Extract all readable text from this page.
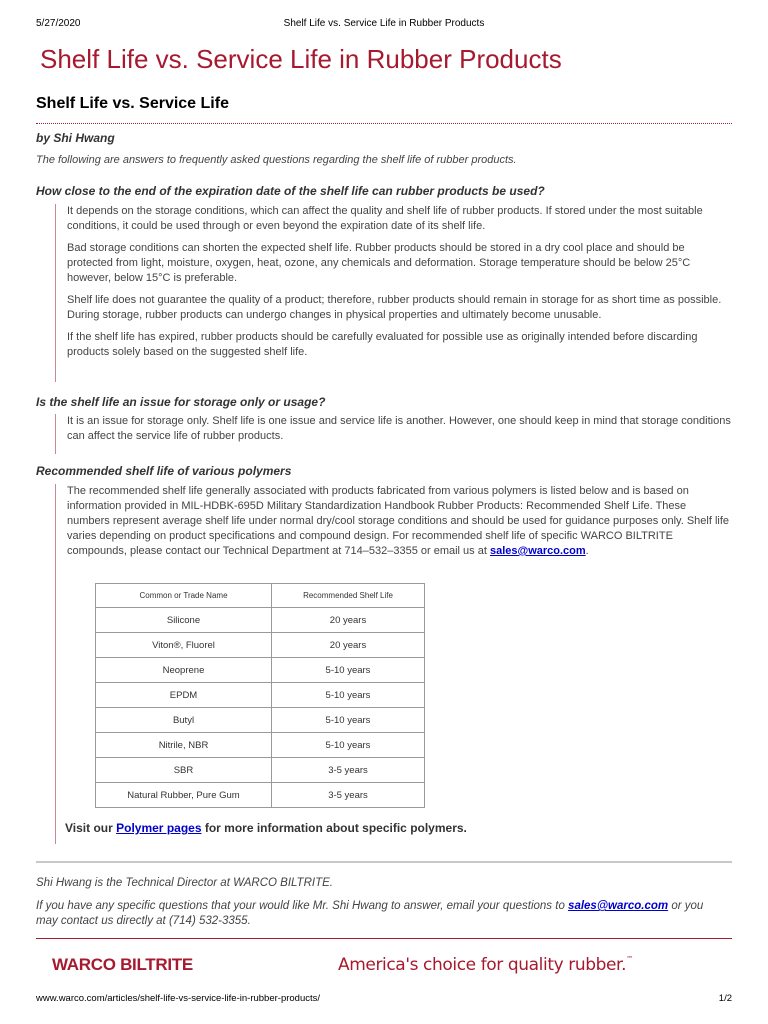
5/27/2020	Shelf Life vs. Service Life in Rubber Products
Shelf Life vs. Service Life in Rubber Products
Shelf Life vs. Service Life
by Shi Hwang
The following are answers to frequently asked questions regarding the shelf life of rubber products.
How close to the end of the expiration date of the shelf life can rubber products be used?

It depends on the storage conditions, which can affect the quality and shelf life of rubber products. If stored under the most suitable conditions, it could be used through or even beyond the expiration date of its shelf life.

Bad storage conditions can shorten the expected shelf life. Rubber products should be stored in a dry cool place and should be protected from light, moisture, oxygen, heat, ozone, any chemicals and deformation. Storage temperature should be below 25°C however, below 15°C is preferable.

Shelf life does not guarantee the quality of a product; therefore, rubber products should remain in storage for as short time as possible. During storage, rubber products can undergo changes in physical properties and ultimately become unusable.

If the shelf life has expired, rubber products should be carefully evaluated for possible use as originally intended before discarding products solely based on the suggested shelf life.

Is the shelf life an issue for storage only or usage?

It is an issue for storage only. Shelf life is one issue and service life is another. However, one should keep in mind that storage conditions can affect the service life of rubber products.

Recommended shelf life of various polymers

The recommended shelf life generally associated with products fabricated from various polymers is listed below and is based on information provided in MIL-HDBK-695D Military Standardization Handbook Rubber Products: Recommended Shelf Life. These numbers represent average shelf life under normal dry/cool storage conditions and should be used for guidance purposes only. Shelf life varies depending on product specifications and compound design. For recommended shelf life of specific WARCO BILTRITE compounds, please contact our Technical Department at 714–532–3355 or email us at sales@warco.com.

Common or Trade Name	Recommended Shelf Life
Silicone	20 years
Viton®, Fluorel	20 years
Neoprene	5-10 years
EPDM	5-10 years
Butyl	5-10 years
Nitrile, NBR	5-10 years
SBR	3-5 years
Natural Rubber, Pure Gum	3-5 years
Visit our Polymer pages for more information about specific polymers.
Shi Hwang is the Technical Director at WARCO BILTRITE.
If you have any specific questions that your would like Mr. Shi Hwang to answer, email your questions to sales@warco.com or you may contact us directly at (714) 532-3355.
WARCO BILTRITE	America's choice for quality rubber.™
www.warco.com/articles/shelf-life-vs-service-life-in-rubber-products/	1/2
